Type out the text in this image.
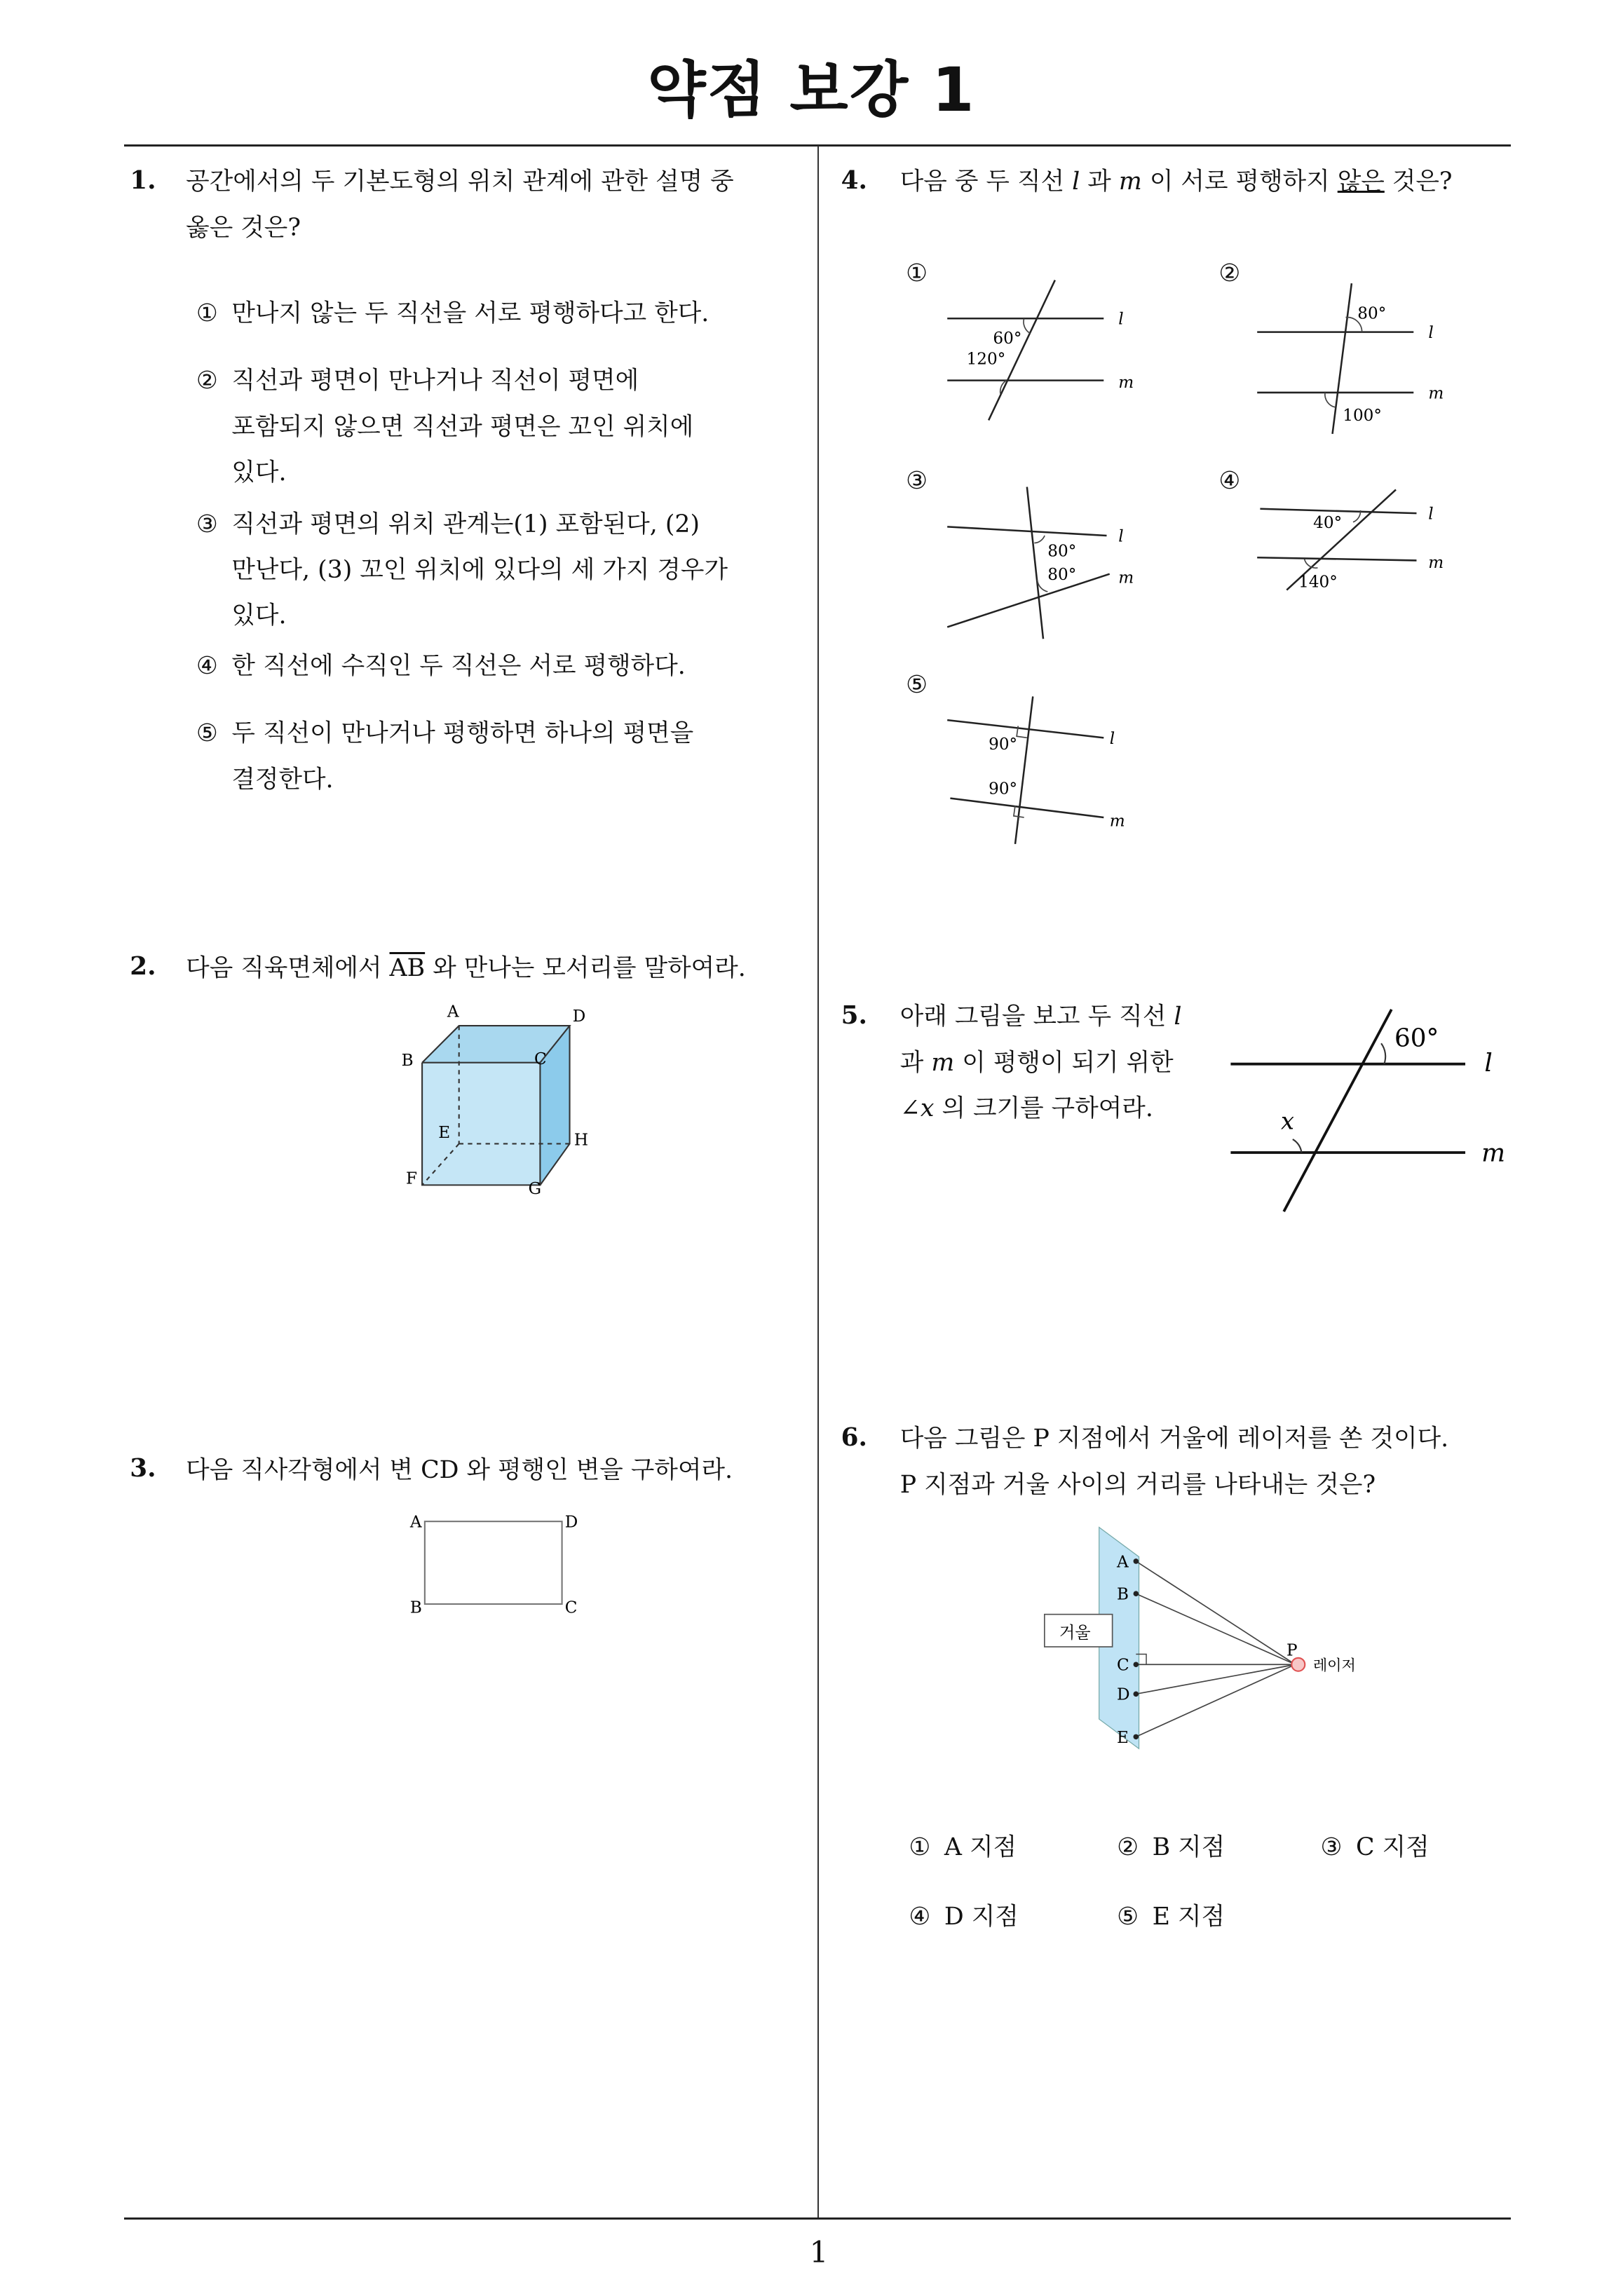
약점 보강 1
1.	공간에서의 두 기본도형의 위치 관계에 관한 설명 중
옳은 것은?
① 만나지 않는 두 직선을 서로 평행하다고 한다.
② 직선과 평면이 만나거나 직선이 평면에
포함되지 않으면 직선과 평면은 꼬인 위치에
있다.
③ 직선과 평면의 위치 관계는(1) 포함된다, (2)
만난다, (3) 꼬인 위치에 있다의 세 가지 경우가
있다.
④ 한 직선에 수직인 두 직선은 서로 평행하다.
⑤ 두 직선이 만나거나 평행하면 하나의 평면을
결정한다.
2.	다음 직육면체에서 $\overline{AB}$ 와 만나는 모서리를 말하여라.
A
B	C
D
E
F
G
H
3.	다음 직사각형에서 변 CD 와 평행인 변을 구하여라.
A	D
B	C
4.	다음 중 두 직선 l 과 m 이 서로 평행하지 않은 것은?
①
60°
120°
l
m
②
80°
100°
l
m
③
80°
80°
l
m
④
40°
140°
l
m
⑤
90°
90°
l
m
5.	아래 그림을 보고 두 직선 l
과 m 이 평행이 되기 위한
∠x 의 크기를 구하여라.
60°
x
l
m
6.	다음 그림은 P 지점에서 거울에 레이저를 쏜 것이다.
P 지점과 거울 사이의 거리를 나타내는 것은?
거울
A
B
C
D
E
P
레이저
① A 지점	② B 지점	③ C 지점
④ D 지점	⑤ E 지점
1
